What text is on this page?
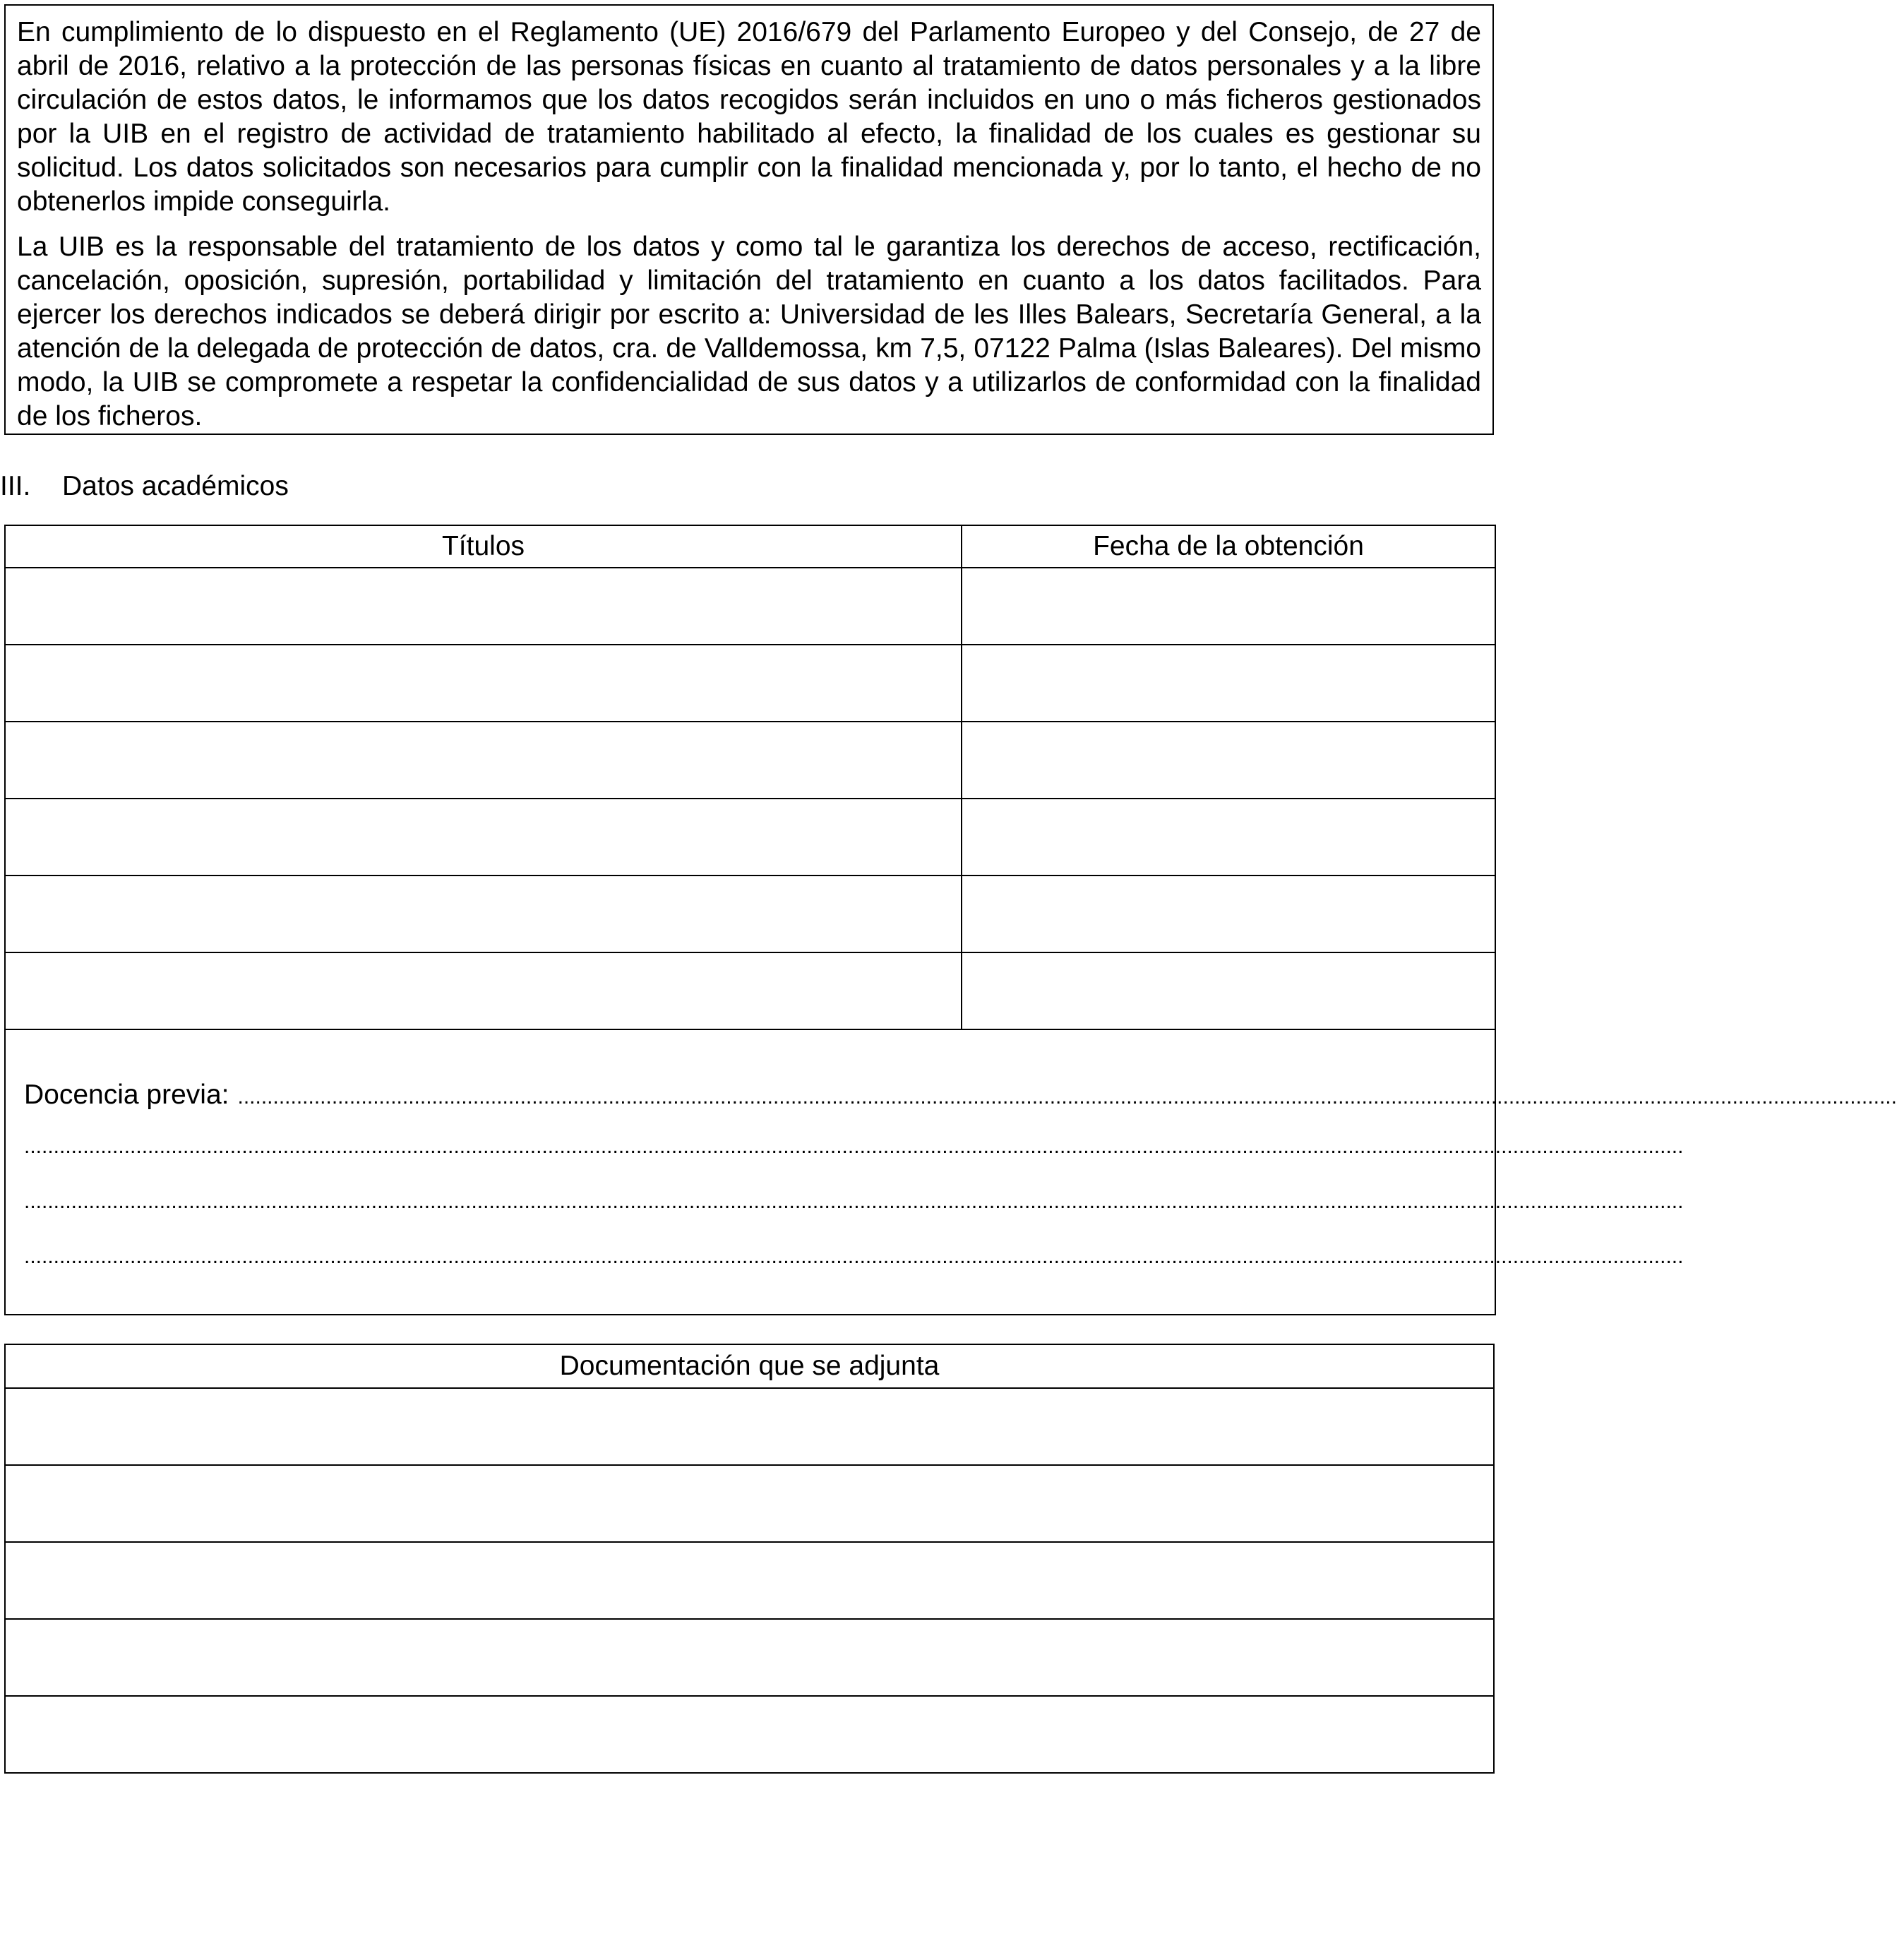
En cumplimiento de lo dispuesto en el Reglamento (UE) 2016/679 del Parlamento Europeo y del Consejo, de 27 de abril de 2016, relativo a la protección de las personas físicas en cuanto al tratamiento de datos personales y a la libre circulación de estos datos, le informamos que los datos recogidos serán incluidos en uno o más ficheros gestionados por la UIB en el registro de actividad de tratamiento habilitado al efecto, la finalidad de los cuales es gestionar su solicitud. Los datos solicitados son necesarios para cumplir con la finalidad mencionada y, por lo tanto, el hecho de no obtenerlos impide conseguirla.

La UIB es la responsable del tratamiento de los datos y como tal le garantiza los derechos de acceso, rectificación, cancelación, oposición, supresión, portabilidad y limitación del tratamiento en cuanto a los datos facilitados. Para ejercer los derechos indicados se deberá dirigir por escrito a: Universidad de les Illes Balears, Secretaría General, a la atención de la delegada de protección de datos, cra. de Valldemossa, km 7,5, 07122 Palma (Islas Baleares). Del mismo modo, la UIB se compromete a respetar la confidencialidad de sus datos y a utilizarlos de conformidad con la finalidad de los ficheros.

III. Datos académicos
Títulos	Fecha de la obtención

Docencia previa: ..........................................................................................................................................................................................................................................................................................
..........................................................................................................................................................................................................................................................................................
..........................................................................................................................................................................................................................................................................................
..........................................................................................................................................................................................................................................................................................	
Documentación que se adjunta
